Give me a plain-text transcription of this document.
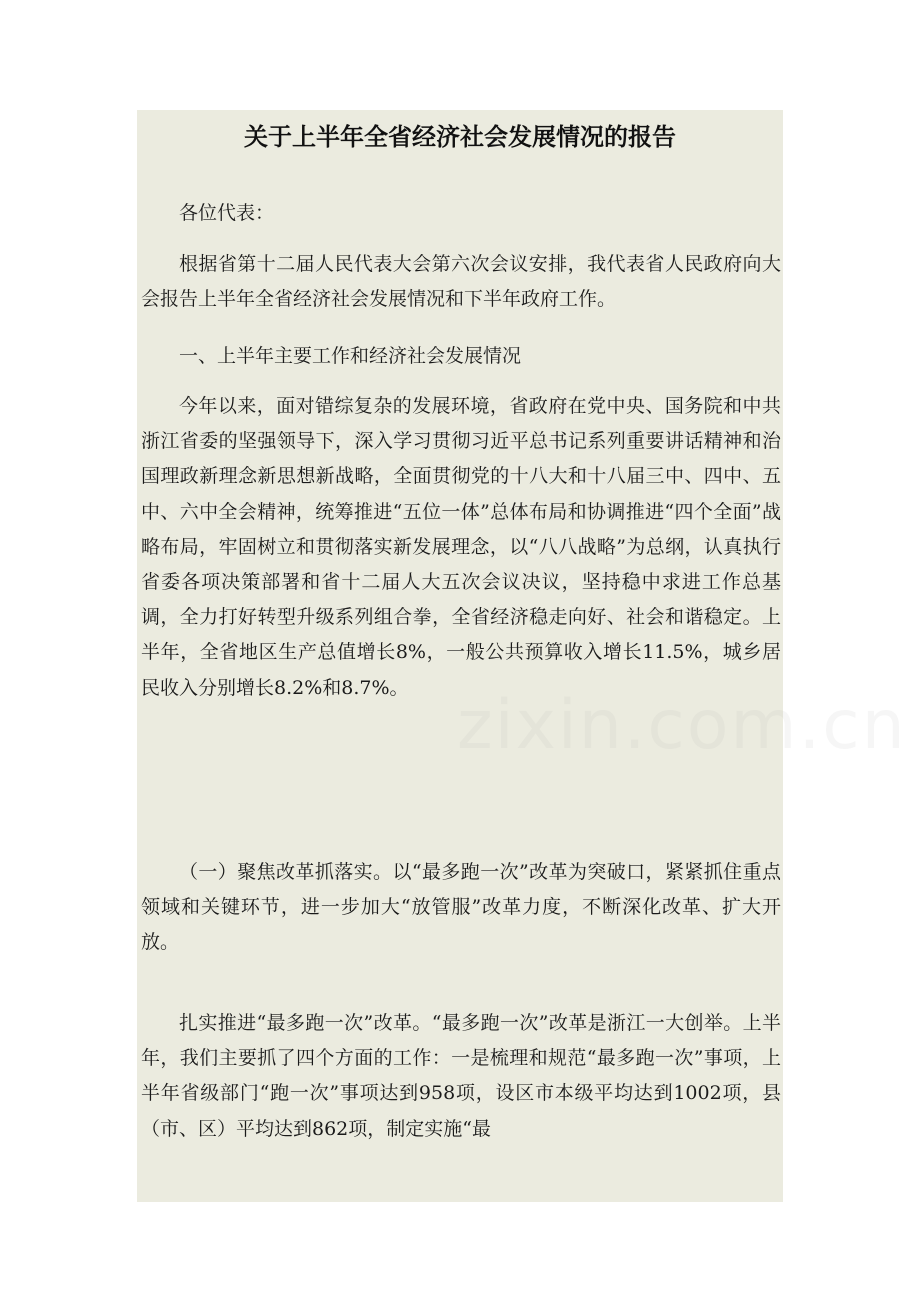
zixin.com.cn
关于上半年全省经济社会发展情况的报告
各位代表：
根据省第十二届人民代表大会第六次会议安排，我代表省人民政府向大会报告上半年全省经济社会发展情况和下半年政府工作。
一、上半年主要工作和经济社会发展情况
今年以来，面对错综复杂的发展环境，省政府在党中央、国务院和中共浙江省委的坚强领导下，深入学习贯彻习近平总书记系列重要讲话精神和治国理政新理念新思想新战略，全面贯彻党的十八大和十八届三中、四中、五中、六中全会精神，统筹推进“五位一体”总体布局和协调推进“四个全面”战略布局，牢固树立和贯彻落实新发展理念，以“八八战略”为总纲，认真执行省委各项决策部署和省十二届人大五次会议决议，坚持稳中求进工作总基调，全力打好转型升级系列组合拳，全省经济稳走向好、社会和谐稳定。上半年，全省地区生产总值增长8%，一般公共预算收入增长11.5%，城乡居民收入分别增长8.2%和8.7%。
（一）聚焦改革抓落实。以“最多跑一次”改革为突破口，紧紧抓住重点领域和关键环节，进一步加大“放管服”改革力度，不断深化改革、扩大开放。
扎实推进“最多跑一次”改革。“最多跑一次”改革是浙江一大创举。上半年，我们主要抓了四个方面的工作：一是梳理和规范“最多跑一次”事项，上半年省级部门“跑一次”事项达到958项，设区市本级平均达到1002项，县（市、区）平均达到862项，制定实施“最
